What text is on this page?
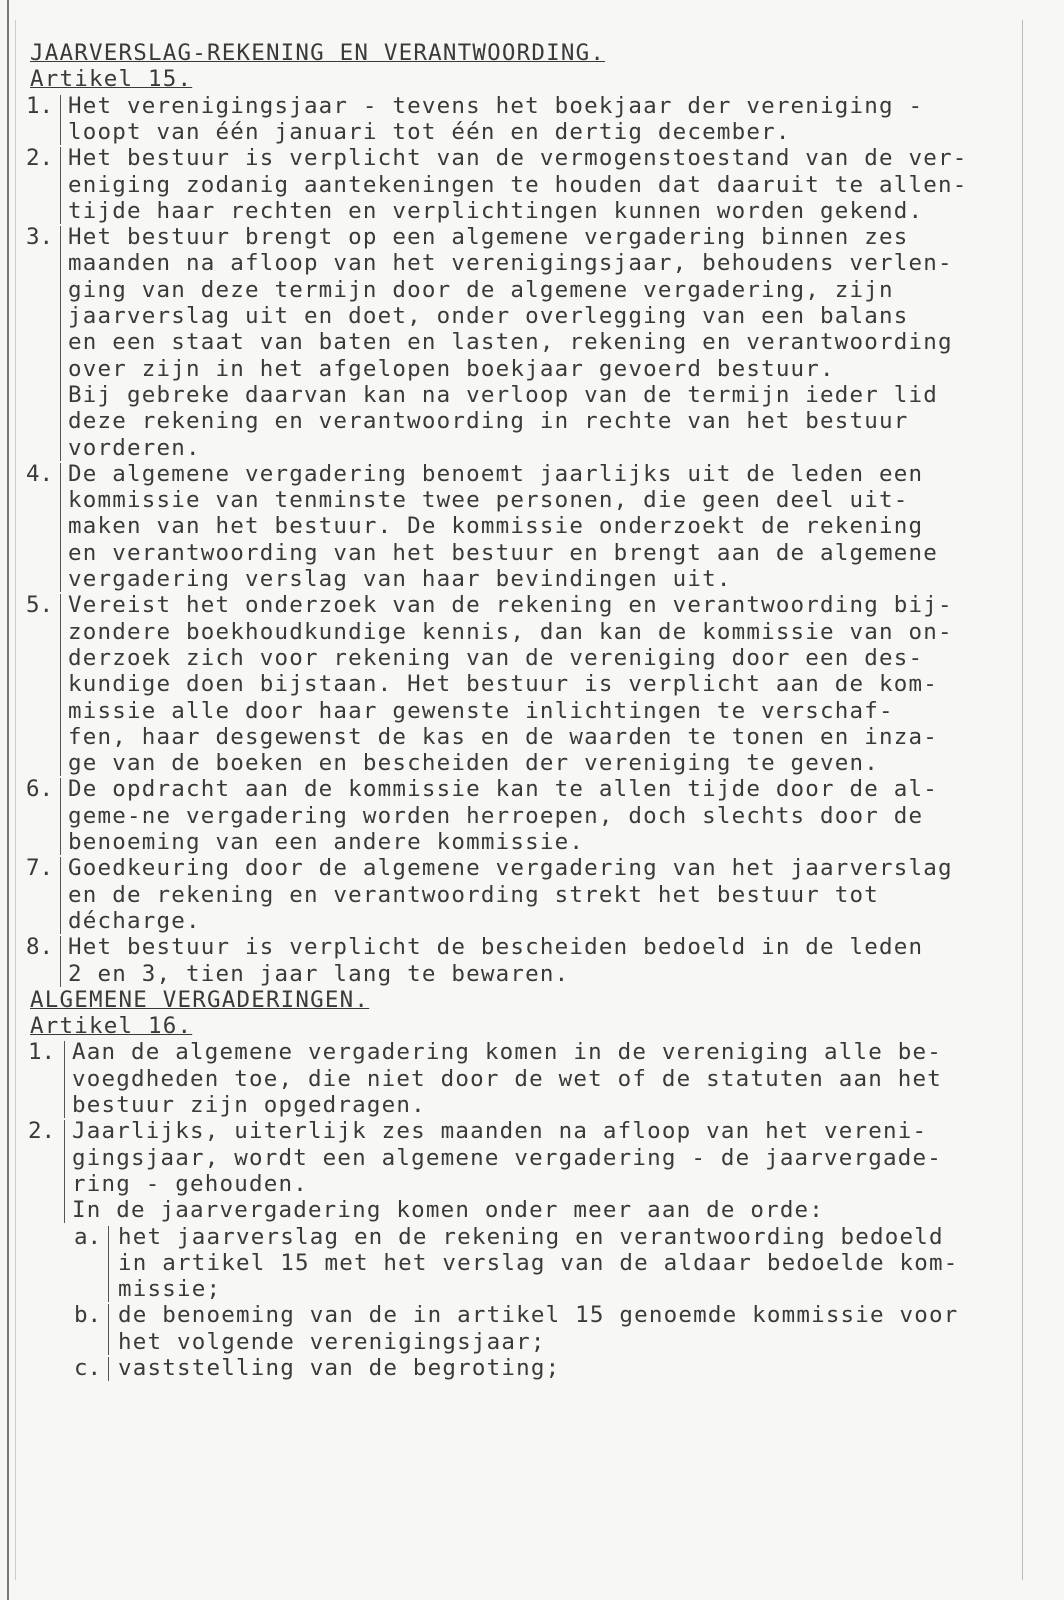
JAARVERSLAG-REKENING EN VERANTWOORDING.
Artikel 15.
1. Het verenigingsjaar - tevens het boekjaar der vereniging -
loopt van één januari tot één en dertig december.
2. Het bestuur is verplicht van de vermogenstoestand van de ver-
eniging zodanig aantekeningen te houden dat daaruit te allen-
tijde haar rechten en verplichtingen kunnen worden gekend.
3. Het bestuur brengt op een algemene vergadering binnen zes
maanden na afloop van het verenigingsjaar, behoudens verlen-
ging van deze termijn door de algemene vergadering, zijn
jaarverslag uit en doet, onder overlegging van een balans
en een staat van baten en lasten, rekening en verantwoording
over zijn in het afgelopen boekjaar gevoerd bestuur.
Bij gebreke daarvan kan na verloop van de termijn ieder lid
deze rekening en verantwoording in rechte van het bestuur
vorderen.
4. De algemene vergadering benoemt jaarlijks uit de leden een
kommissie van tenminste twee personen, die geen deel uit-
maken van het bestuur. De kommissie onderzoekt de rekening
en verantwoording van het bestuur en brengt aan de algemene
vergadering verslag van haar bevindingen uit.
5. Vereist het onderzoek van de rekening en verantwoording bij-
zondere boekhoudkundige kennis, dan kan de kommissie van on-
derzoek zich voor rekening van de vereniging door een des-
kundige doen bijstaan. Het bestuur is verplicht aan de kom-
missie alle door haar gewenste inlichtingen te verschaf-
fen, haar desgewenst de kas en de waarden te tonen en inza-
ge van de boeken en bescheiden der vereniging te geven.
6. De opdracht aan de kommissie kan te allen tijde door de al-
geme-ne vergadering worden herroepen, doch slechts door de
benoeming van een andere kommissie.
7. Goedkeuring door de algemene vergadering van het jaarverslag
en de rekening en verantwoording strekt het bestuur tot
décharge.
8. Het bestuur is verplicht de bescheiden bedoeld in de leden
2 en 3, tien jaar lang te bewaren.
ALGEMENE VERGADERINGEN.
Artikel 16.
1. Aan de algemene vergadering komen in de vereniging alle be-
voegdheden toe, die niet door de wet of de statuten aan het
bestuur zijn opgedragen.
2. Jaarlijks, uiterlijk zes maanden na afloop van het vereni-
gingsjaar, wordt een algemene vergadering - de jaarvergade-
ring - gehouden.
In de jaarvergadering komen onder meer aan de orde:
a. het jaarverslag en de rekening en verantwoording bedoeld
in artikel 15 met het verslag van de aldaar bedoelde kom-
missie;
b. de benoeming van de in artikel 15 genoemde kommissie voor
het volgende verenigingsjaar;
c. vaststelling van de begroting;
